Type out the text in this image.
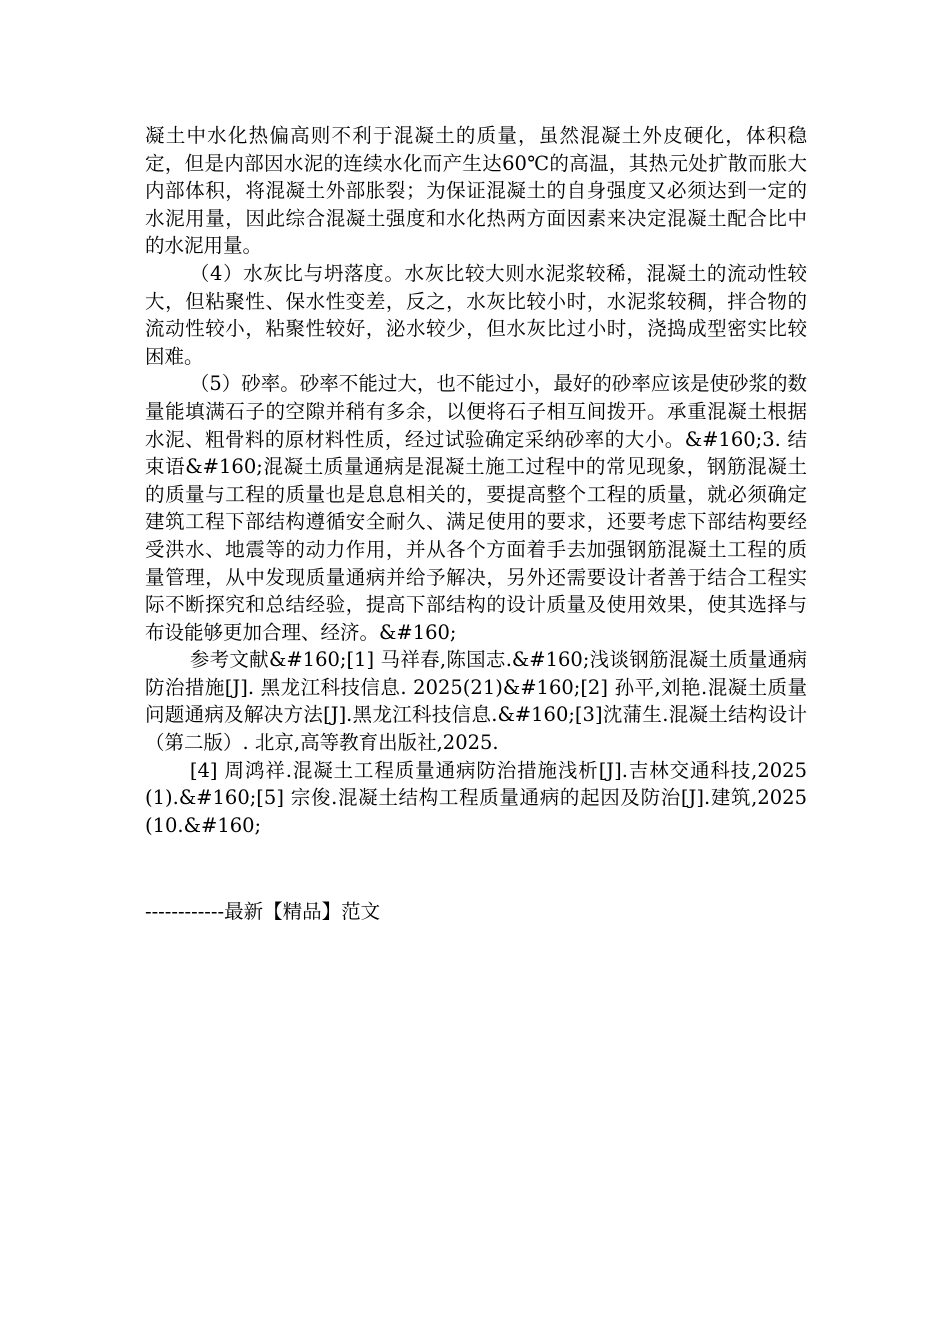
凝土中水化热偏高则不利于混凝土的质量，虽然混凝土外皮硬化，体积稳定，但是内部因水泥的连续水化而产生达60℃的高温，其热元处扩散而胀大内部体积，将混凝土外部胀裂；为保证混凝土的自身强度又必须达到一定的水泥用量，因此综合混凝土强度和水化热两方面因素来决定混凝土配合比中的水泥用量。

（4）水灰比与坍落度。水灰比较大则水泥浆较稀，混凝土的流动性较大，但粘聚性、保水性变差，反之，水灰比较小时，水泥浆较稠，拌合物的流动性较小，粘聚性较好，泌水较少，但水灰比过小时，浇捣成型密实比较困难。

（5）砂率。砂率不能过大，也不能过小，最好的砂率应该是使砂浆的数量能填满石子的空隙并稍有多余，以便将石子相互间拨开。承重混凝土根据水泥、粗骨料的原材料性质，经过试验确定采纳砂率的大小。&#160;3. 结束语&#160;混凝土质量通病是混凝土施工过程中的常见现象，钢筋混凝土的质量与工程的质量也是息息相关的，要提高整个工程的质量，就必须确定建筑工程下部结构遵循安全耐久、满足使用的要求，还要考虑下部结构要经受洪水、地震等的动力作用，并从各个方面着手去加强钢筋混凝土工程的质量管理，从中发现质量通病并给予解决，另外还需要设计者善于结合工程实际不断探究和总结经验，提高下部结构的设计质量及使用效果，使其选择与布设能够更加合理、经济。&#160;

参考文献&#160;[1] 马祥春,陈国志.&#160;浅谈钢筋混凝土质量通病防治措施[J]. 黑龙江科技信息. 2025(21)&#160;[2] 孙平,刘艳.混凝土质量问题通病及解决方法[J].黑龙江科技信息.&#160;[3]沈蒲生.混凝土结构设计（第二版）. 北京,高等教育出版社,2025.

[4] 周鸿祥.混凝土工程质量通病防治措施浅析[J].吉林交通科技,2025(1).&#160;[5] 宗俊.混凝土结构工程质量通病的起因及防治[J].建筑,2025(10.&#160;

------------最新【精品】范文
